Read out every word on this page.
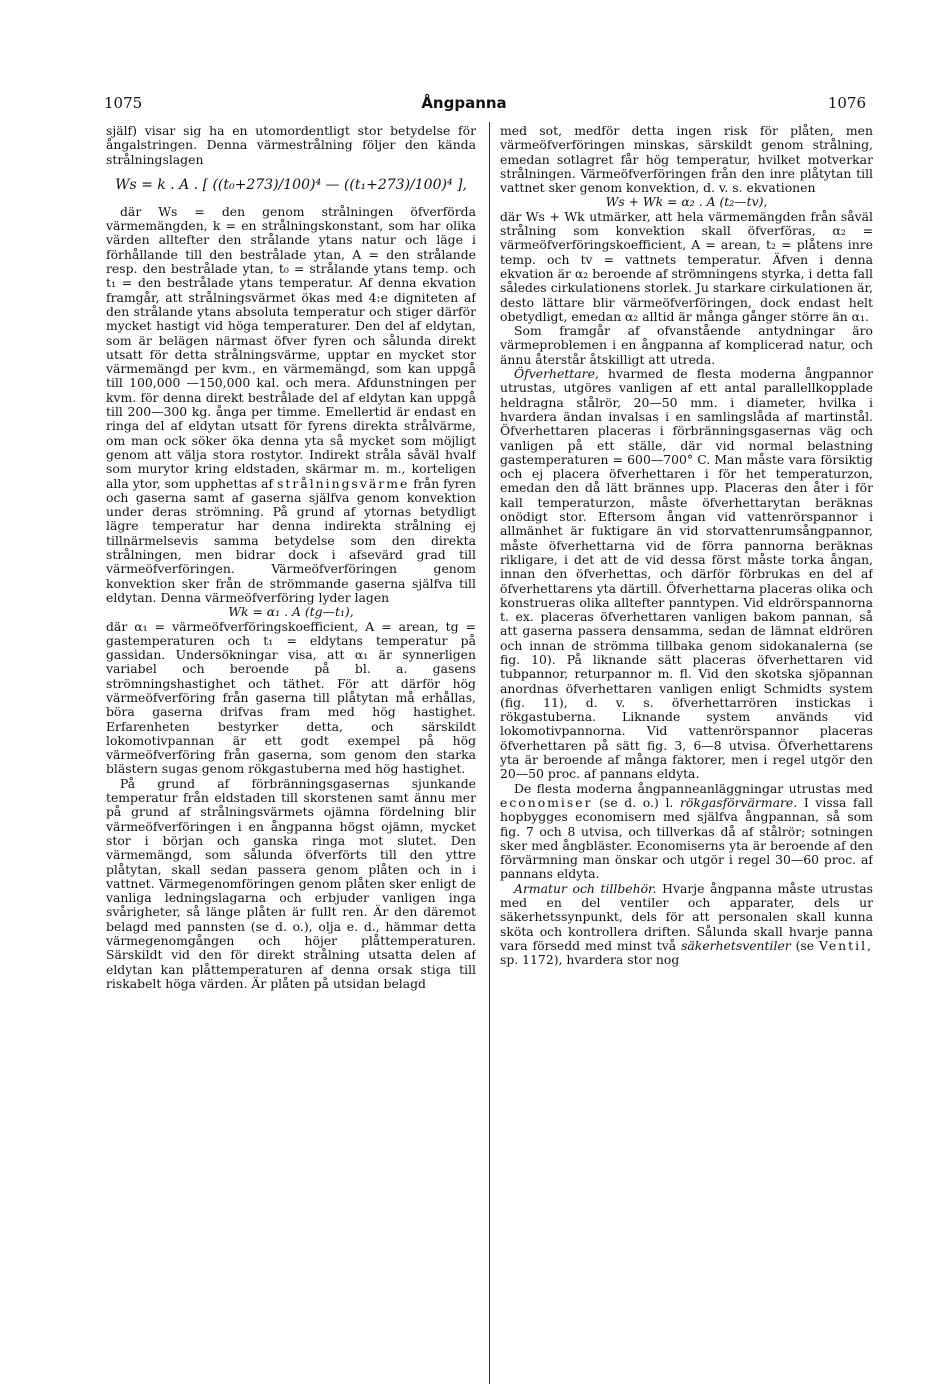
1075	Ångpanna	1076

själf) visar sig ha en utomordentligt stor betydelse för ångalstringen. Denna värmestrålning följer den kända strålningslagen

Ws = k . A . [ ((t₀+273)/100)⁴ — ((t₁+273)/100)⁴ ],

där Ws = den genom strålningen öfverförda värmemängden, k = en strålningskonstant, som har olika värden alltefter den strålande ytans natur och läge i förhållande till den bestrålade ytan, A = den strålande resp. den bestrålade ytan, t₀ = strålande ytans temp. och t₁ = den bestrålade ytans temperatur. Af denna ekvation framgår, att strålningsvärmet ökas med 4:e digniteten af den strålande ytans absoluta temperatur och stiger därför mycket hastigt vid höga temperaturer. Den del af eldytan, som är belägen närmast öfver fyren och sålunda direkt utsatt för detta strålningsvärme, upptar en mycket stor värmemängd per kvm., en värmemängd, som kan uppgå till 100,000 —150,000 kal. och mera. Afdunstningen per kvm. för denna direkt bestrålade del af eldytan kan uppgå till 200—300 kg. ånga per timme. Emellertid är endast en ringa del af eldytan utsatt för fyrens direkta strålvärme, om man ock söker öka denna yta så mycket som möjligt genom att välja stora rostytor. Indirekt stråla såväl hvalf som murytor kring eldstaden, skärmar m. m., korteligen alla ytor, som upphettas af strålningsvärme från fyren och gaserna samt af gaserna själfva genom konvektion under deras strömning. På grund af ytornas betydligt lägre temperatur har denna indirekta strålning ej tillnärmelsevis samma betydelse som den direkta strålningen, men bidrar dock i afsevärd grad till värmeöfverföringen. Värmeöfverföringen genom konvektion sker från de strömmande gaserna själfva till eldytan. Denna värmeöfverföring lyder lagen

Wk = α₁ . A (tg—t₁),

där α₁ = värmeöfverföringskoefficient, A = arean, tg = gastemperaturen och t₁ = eldytans temperatur på gassidan. Undersökningar visa, att α₁ är synnerligen variabel och beroende på bl. a. gasens strömningshastighet och täthet. För att därför hög värmeöfverföring från gaserna till plåtytan må erhållas, böra gaserna drifvas fram med hög hastighet. Erfarenheten bestyrker detta, och särskildt lokomotivpannan är ett godt exempel på hög värmeöfverföring från gaserna, som genom den starka blästern sugas genom rökgastuberna med hög hastighet.

På grund af förbränningsgasernas sjunkande temperatur från eldstaden till skorstenen samt ännu mer på grund af strålningsvärmets ojämna fördelning blir värmeöfverföringen i en ångpanna högst ojämn, mycket stor i början och ganska ringa mot slutet. Den värmemängd, som sålunda öfverförts till den yttre plåtytan, skall sedan passera genom plåten och in i vattnet. Värmegenomföringen genom plåten sker enligt de vanliga ledningslagarna och erbjuder vanligen inga svårigheter, så länge plåten är fullt ren. Är den däremot belagd med pannsten (se d. o.), olja e. d., hämmar detta värmegenomgången och höjer plåttemperaturen. Särskildt vid den för direkt strålning utsatta delen af eldytan kan plåttemperaturen af denna orsak stiga till riskabelt höga värden. Är plåten på utsidan belagd

med sot, medför detta ingen risk för plåten, men värmeöfverföringen minskas, särskildt genom strålning, emedan sotlagret får hög temperatur, hvilket motverkar strålningen. Värmeöfverföringen från den inre plåtytan till vattnet sker genom konvektion, d. v. s. ekvationen

Ws + Wk = α₂ . A (t₂—tv),

där Ws + Wk utmärker, att hela värmemängden från såväl strålning som konvektion skall öfverföras, α₂ = värmeöfverföringskoefficient, A = arean, t₂ = plåtens inre temp. och tv = vattnets temperatur. Äfven i denna ekvation är α₂ beroende af strömningens styrka, i detta fall således cirkulationens storlek. Ju starkare cirkulationen är, desto lättare blir värmeöfverföringen, dock endast helt obetydligt, emedan α₂ alltid är många gånger större än α₁.

Som framgår af ofvanstående antydningar äro värmeproblemen i en ångpanna af komplicerad natur, och ännu återstår åtskilligt att utreda.

Öfverhettare, hvarmed de flesta moderna ångpannor utrustas, utgöres vanligen af ett antal parallellkopplade heldragna stålrör, 20—50 mm. i diameter, hvilka i hvardera ändan invalsas i en samlingslåda af martinstål. Öfverhettaren placeras i förbränningsgasernas väg och vanligen på ett ställe, där vid normal belastning gastemperaturen = 600—700° C. Man måste vara försiktig och ej placera öfverhettaren i för het temperaturzon, emedan den då lätt brännes upp. Placeras den åter i för kall temperaturzon, måste öfverhettarytan beräknas onödigt stor. Eftersom ångan vid vattenrörspannor i allmänhet är fuktigare än vid storvattenrumsångpannor, måste öfverhettarna vid de förra pannorna beräknas rikligare, i det att de vid dessa först måste torka ångan, innan den öfverhettas, och därför förbrukas en del af öfverhettarens yta därtill. Öfverhettarna placeras olika och konstrueras olika alltefter panntypen. Vid eldrörspannorna t. ex. placeras öfverhettaren vanligen bakom pannan, så att gaserna passera densamma, sedan de lämnat eldrören och innan de strömma tillbaka genom sidokanalerna (se fig. 10). På liknande sätt placeras öfverhettaren vid tubpannor, returpannor m. fl. Vid den skotska sjöpannan anordnas öfverhettaren vanligen enligt Schmidts system (fig. 11), d. v. s. öfverhettarrören instickas i rökgastuberna. Liknande system används vid lokomotivpannorna. Vid vattenrörspannor placeras öfverhettaren på sätt fig. 3, 6—8 utvisa. Öfverhettarens yta är beroende af många faktorer, men i regel utgör den 20—50 proc. af pannans eldyta.

De flesta moderna ångpanneanläggningar utrustas med economiser (se d. o.) l. rökgasförvärmare. I vissa fall hopbygges economisern med själfva ångpannan, så som fig. 7 och 8 utvisa, och tillverkas då af stålrör; sotningen sker med ångbläster. Economiserns yta är beroende af den förvärmning man önskar och utgör i regel 30—60 proc. af pannans eldyta.

Armatur och tillbehör. Hvarje ångpanna måste utrustas med en del ventiler och apparater, dels ur säkerhetssynpunkt, dels för att personalen skall kunna sköta och kontrollera driften. Sålunda skall hvarje panna vara försedd med minst två säkerhetsventiler (se Ventil, sp. 1172), hvardera stor nog
